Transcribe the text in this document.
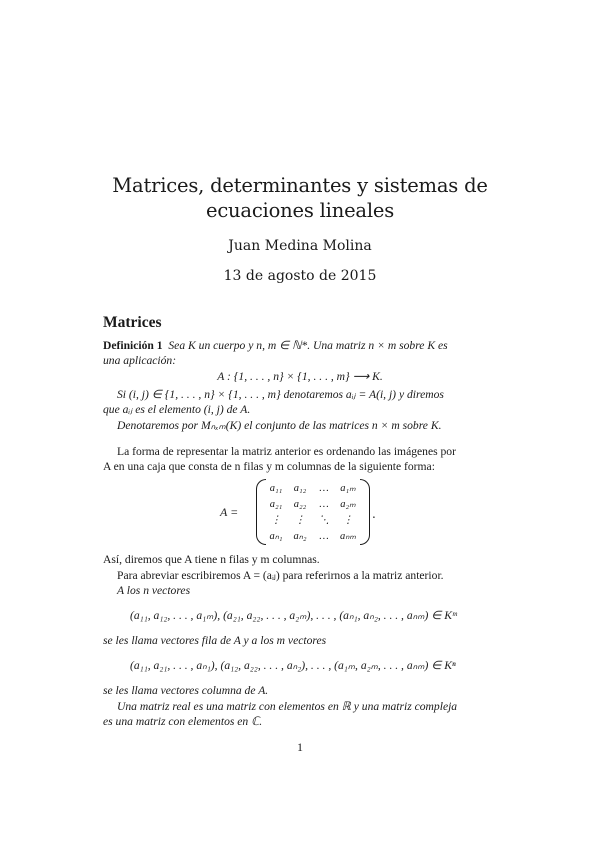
Matrices, determinantes y sistemas de
ecuaciones lineales
Juan Medina Molina
13 de agosto de 2015
Matrices
Definición 1 Sea K un cuerpo y n, m ∈ ℕ*. Una matriz n × m sobre K es
una aplicación:
A : {1, . . . , n} × {1, . . . , m} ⟶ K.
Si (i, j) ∈ {1, . . . , n} × {1, . . . , m} denotaremos aᵢⱼ = A(i, j) y diremos
que aᵢⱼ es el elemento (i, j) de A.
Denotaremos por Mₙₓₘ(K) el conjunto de las matrices n × m sobre K.
La forma de representar la matriz anterior es ordenando las imágenes por
A en una caja que consta de n filas y m columnas de la siguiente forma:
A =
a₁₁	a₁₂	…	a₁ₘ
a₂₁	a₂₂	…	a₂ₘ
⋮	⋮	⋱	⋮
aₙ₁	aₙ₂	…	aₙₘ
.
Así, diremos que A tiene n filas y m columnas.
Para abreviar escribiremos A = (aᵢⱼ) para referirnos a la matriz anterior.
A los n vectores
(a₁₁, a₁₂, . . . , a₁ₘ), (a₂₁, a₂₂, . . . , a₂ₘ), . . . , (aₙ₁, aₙ₂, . . . , aₙₘ) ∈ Kᵐ
se les llama vectores fila de A y a los m vectores
(a₁₁, a₂₁, . . . , aₙ₁), (a₁₂, a₂₂, . . . , aₙ₂), . . . , (a₁ₘ, a₂ₘ, . . . , aₙₘ) ∈ Kⁿ
se les llama vectores columna de A.
Una matriz real es una matriz con elementos en ℝ y una matriz compleja
es una matriz con elementos en ℂ.
1
